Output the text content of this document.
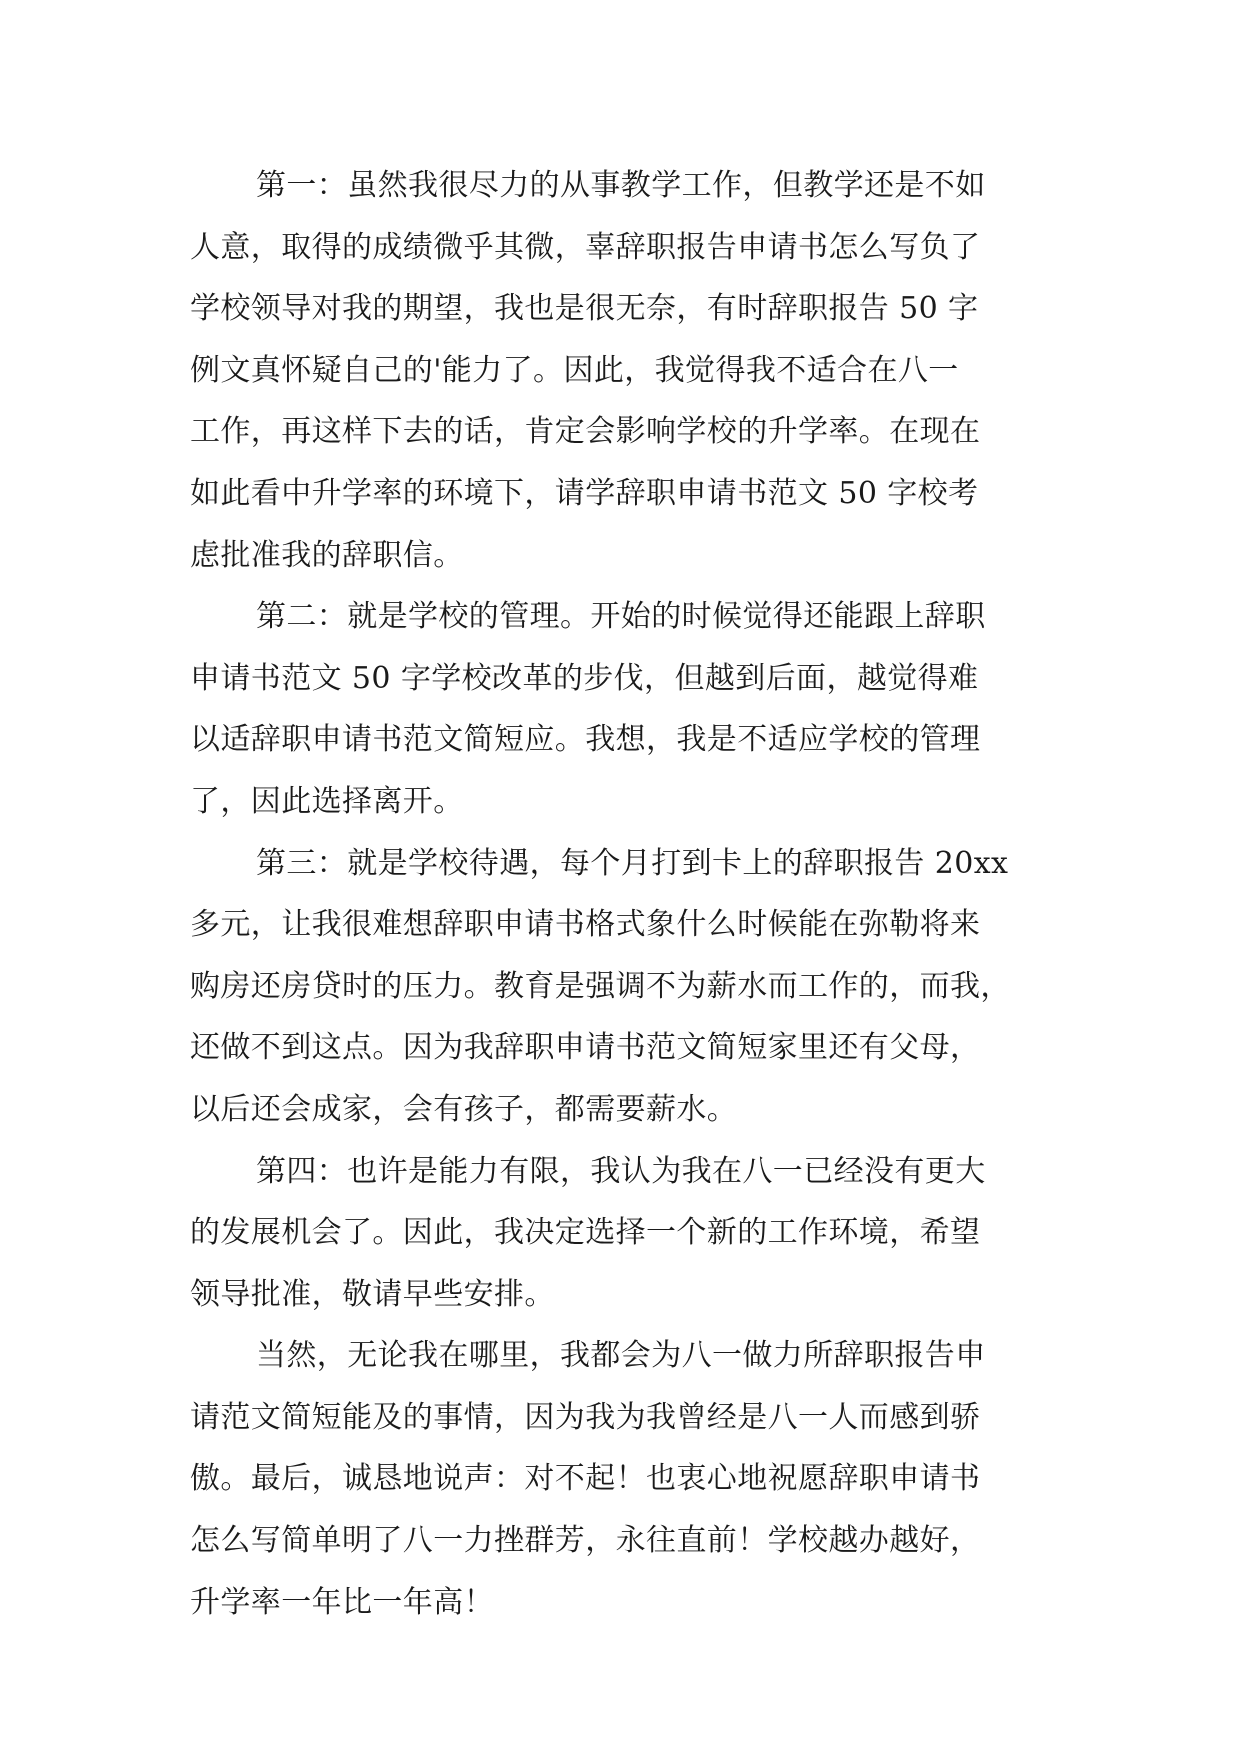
第一：虽然我很尽力的从事教学工作，但教学还是不如
人意，取得的成绩微乎其微，辜辞职报告申请书怎么写负了
学校领导对我的期望，我也是很无奈，有时辞职报告 50 字
例文真怀疑自己的'能力了。因此，我觉得我不适合在八一
工作，再这样下去的话，肯定会影响学校的升学率。在现在
如此看中升学率的环境下，请学辞职申请书范文 50 字校考
虑批准我的辞职信。
第二：就是学校的管理。开始的时候觉得还能跟上辞职
申请书范文 50 字学校改革的步伐，但越到后面，越觉得难
以适辞职申请书范文简短应。我想，我是不适应学校的管理
了，因此选择离开。
第三：就是学校待遇，每个月打到卡上的辞职报告 20xx
多元，让我很难想辞职申请书格式象什么时候能在弥勒将来
购房还房贷时的压力。教育是强调不为薪水而工作的，而我，
还做不到这点。因为我辞职申请书范文简短家里还有父母，
以后还会成家，会有孩子，都需要薪水。
第四：也许是能力有限，我认为我在八一已经没有更大
的发展机会了。因此，我决定选择一个新的工作环境，希望
领导批准，敬请早些安排。
当然，无论我在哪里，我都会为八一做力所辞职报告申
请范文简短能及的事情，因为我为我曾经是八一人而感到骄
傲。最后，诚恳地说声：对不起！也衷心地祝愿辞职申请书
怎么写简单明了八一力挫群芳，永往直前！学校越办越好，
升学率一年比一年高！
